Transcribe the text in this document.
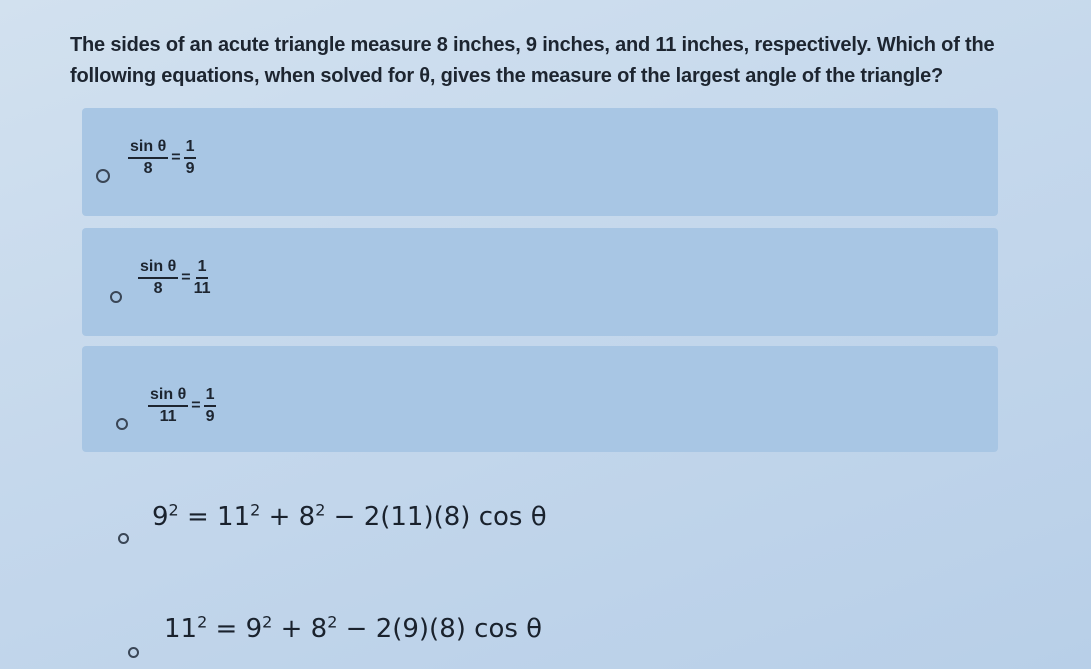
The sides of an acute triangle measure 8 inches, 9 inches, and 11 inches, respectively. Which of the following equations, when solved for θ, gives the measure of the largest angle of the triangle?
$\frac{\text{sin θ}}{8} = \frac{1}{9}$
$\frac{\text{sin θ}}{8} = \frac{1}{11}$
$\frac{\text{sin θ}}{11} = \frac{1}{9}$
$9^2 = 11^2 + 8^2 - 2(11)(8)$ cos θ
$11^2 = 9^2 + 8^2 - 2(9)(8)$ cos θ
